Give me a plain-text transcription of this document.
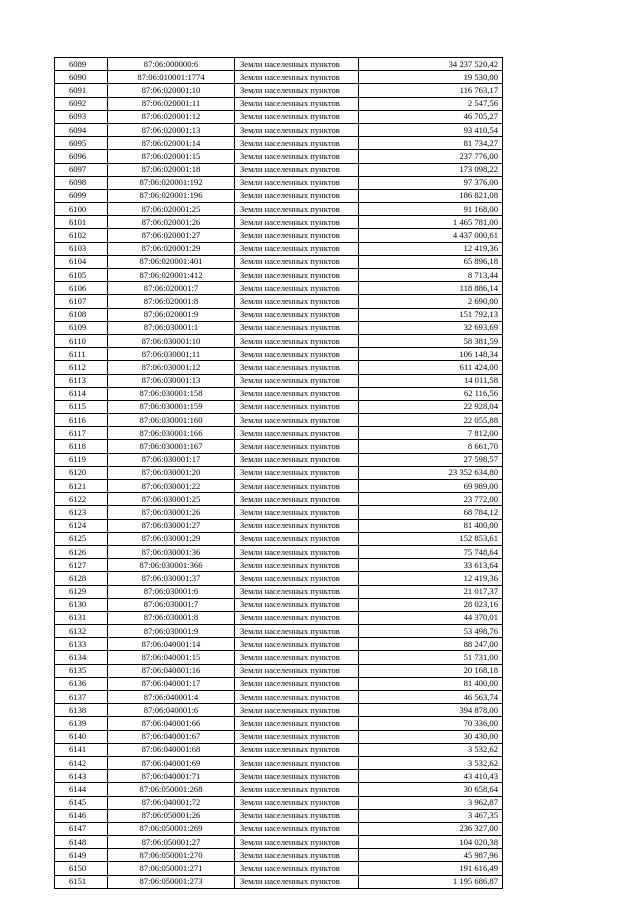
6089	87:06:000000:6	Земли населенных пунктов	34 237 520,42
6090	87:06:010001:1774	Земли населенных пунктов	19 530,00
6091	87:06:020001:10	Земли населенных пунктов	116 763,17
6092	87:06:020001:11	Земли населенных пунктов	2 547,56
6093	87:06:020001:12	Земли населенных пунктов	46 705,27
6094	87:06:020001:13	Земли населенных пунктов	93 410,54
6095	87:06:020001:14	Земли населенных пунктов	81 734,27
6096	87:06:020001:15	Земли населенных пунктов	237 776,00
6097	87:06:020001:18	Земли населенных пунктов	173 098,22
6098	87:06:020001:192	Земли населенных пунктов	97 376,00
6099	87:06:020001:196	Земли населенных пунктов	186 821,08
6100	87:06:020001:25	Земли населенных пунктов	91 168,00
6101	87:06:020001:26	Земли населенных пунктов	1 465 781,00
6102	87:06:020001:27	Земли населенных пунктов	4 437 000,61
6103	87:06:020001:29	Земли населенных пунктов	12 419,36
6104	87:06:020001:401	Земли населенных пунктов	65 896,18
6105	87:06:020001:412	Земли населенных пунктов	8 713,44
6106	87:06:020001:7	Земли населенных пунктов	118 886,14
6107	87:06:020001:8	Земли населенных пунктов	2 690,00
6108	87:06:020001:9	Земли населенных пунктов	151 792,13
6109	87:06:030001:1	Земли населенных пунктов	32 693,69
6110	87:06:030001:10	Земли населенных пунктов	58 381,59
6111	87:06:030001:11	Земли населенных пунктов	106 148,34
6112	87:06:030001:12	Земли населенных пунктов	611 424,00
6113	87:06:030001:13	Земли населенных пунктов	14 011,58
6114	87:06:030001:158	Земли населенных пунктов	62 116,56
6115	87:06:030001:159	Земли населенных пунктов	22 928,04
6116	87:06:030001:160	Земли населенных пунктов	22 055,88
6117	87:06:030001:166	Земли населенных пунктов	7 812,00
6118	87:06:030001:167	Земли населенных пунктов	8 661,70
6119	87:06:030001:17	Земли населенных пунктов	27 598,57
6120	87:06:030001:20	Земли населенных пунктов	23 352 634,80
6121	87:06:030001:22	Земли населенных пунктов	69 989,00
6122	87:06:030001:25	Земли населенных пунктов	23 772,00
6123	87:06:030001:26	Земли населенных пунктов	68 784,12
6124	87:06:030001:27	Земли населенных пунктов	81 400,00
6125	87:06:030001:29	Земли населенных пунктов	152 853,61
6126	87:06:030001:36	Земли населенных пунктов	75 748,64
6127	87:06:030001:366	Земли населенных пунктов	33 613,64
6128	87:06:030001:37	Земли населенных пунктов	12 419,36
6129	87:06:030001:6	Земли населенных пунктов	21 017,37
6130	87:06:030001:7	Земли населенных пунктов	28 023,16
6131	87:06:030001:8	Земли населенных пунктов	44 370,01
6132	87:06:030001:9	Земли населенных пунктов	53 498,76
6133	87:06:040001:14	Земли населенных пунктов	88 247,00
6134	87:06:040001:15	Земли населенных пунктов	51 731,00
6135	87:06:040001:16	Земли населенных пунктов	20 168,18
6136	87:06:040001:17	Земли населенных пунктов	81 400,00
6137	87:06:040001:4	Земли населенных пунктов	46 563,74
6138	87:06:040001:6	Земли населенных пунктов	394 878,00
6139	87:06:040001:66	Земли населенных пунктов	70 336,00
6140	87:06:040001:67	Земли населенных пунктов	30 430,00
6141	87:06:040001:68	Земли населенных пунктов	3 532,62
6142	87:06:040001:69	Земли населенных пунктов	3 532,62
6143	87:06:040001:71	Земли населенных пунктов	43 410,43
6144	87:06:050001:268	Земли населенных пунктов	30 658,64
6145	87:06:040001:72	Земли населенных пунктов	3 962,87
6146	87:06:050001:26	Земли населенных пунктов	3 467,35
6147	87:06:050001:269	Земли населенных пунктов	236 327,00
6148	87:06:050001:27	Земли населенных пунктов	104 020,38
6149	87:06:050001:270	Земли населенных пунктов	45 987,96
6150	87:06:050001:271	Земли населенных пунктов	191 616,49
6151	87:06:050001:273	Земли населенных пунктов	1 195 686,87
